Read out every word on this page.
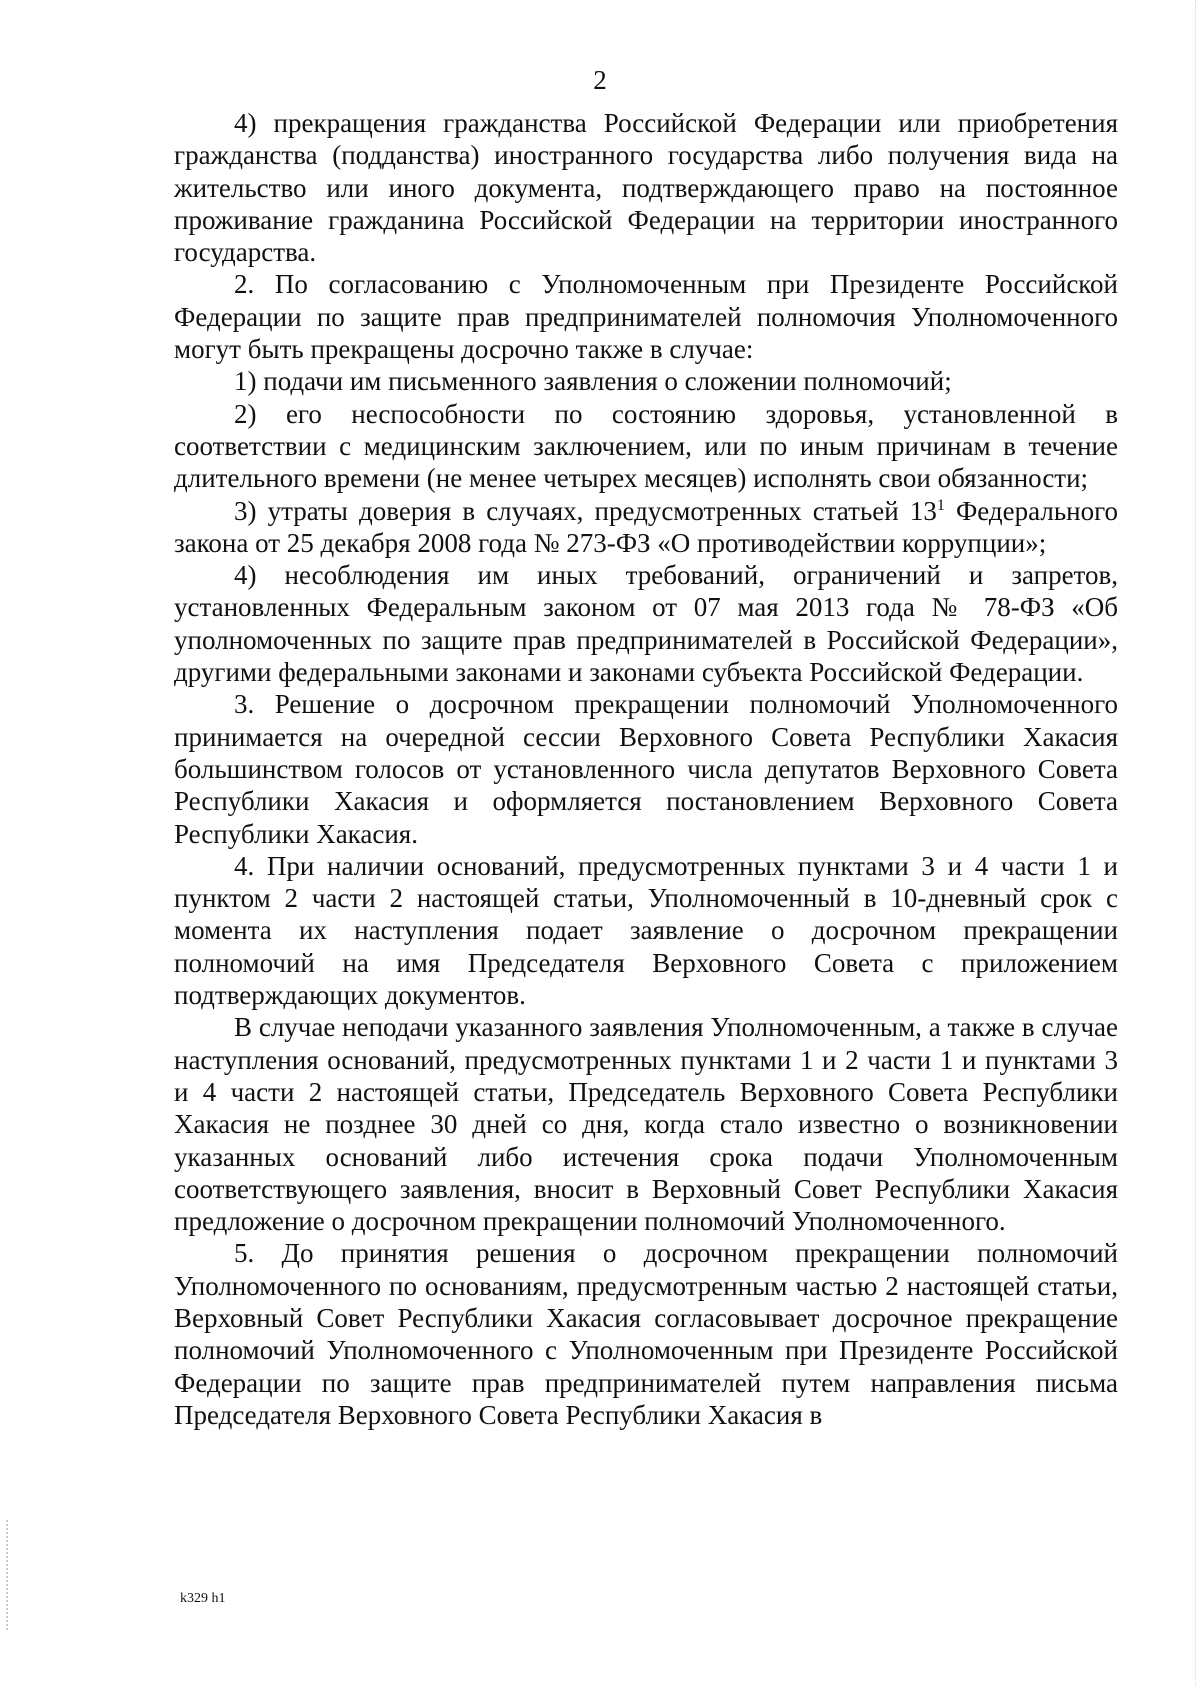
2

4) прекращения гражданства Российской Федерации или приобретения гражданства (подданства) иностранного государства либо получения вида на жительство или иного документа, подтверждающего право на постоянное проживание гражданина Российской Федерации на территории иностранного государства.

2. По согласованию с Уполномоченным при Президенте Российской Федерации по защите прав предпринимателей полномочия Уполномоченного могут быть прекращены досрочно также в случае:

1) подачи им письменного заявления о сложении полномочий;

2) его неспособности по состоянию здоровья, установленной в соответствии с медицинским заключением, или по иным причинам в течение длительного времени (не менее четырех месяцев) исполнять свои обязанности;

3) утраты доверия в случаях, предусмотренных статьей $13^1$ Федерального закона от 25 декабря 2008 года № 273-ФЗ «О противодействии коррупции»;

4) несоблюдения им иных требований, ограничений и запретов, установленных Федеральным законом от 07 мая 2013 года № 78-ФЗ «Об уполномоченных по защите прав предпринимателей в Российской Федерации», другими федеральными законами и законами субъекта Российской Федерации.

3. Решение о досрочном прекращении полномочий Уполномоченного принимается на очередной сессии Верховного Совета Республики Хакасия большинством голосов от установленного числа депутатов Верховного Совета Республики Хакасия и оформляется постановлением Верховного Совета Республики Хакасия.

4. При наличии оснований, предусмотренных пунктами 3 и 4 части 1 и пунктом 2 части 2 настоящей статьи, Уполномоченный в 10-дневный срок с момента их наступления подает заявление о досрочном прекращении полномочий на имя Председателя Верховного Совета с приложением подтверждающих документов.

В случае неподачи указанного заявления Уполномоченным, а также в случае наступления оснований, предусмотренных пунктами 1 и 2 части 1 и пунктами 3 и 4 части 2 настоящей статьи, Председатель Верховного Совета Республики Хакасия не позднее 30 дней со дня, когда стало известно о возникновении указанных оснований либо истечения срока подачи Уполномоченным соответствующего заявления, вносит в Верховный Совет Республики Хакасия предложение о досрочном прекращении полномочий Уполномоченного.

5. До принятия решения о досрочном прекращении полномочий Уполномоченного по основаниям, предусмотренным частью 2 настоящей статьи, Верховный Совет Республики Хакасия согласовывает досрочное прекращение полномочий Уполномоченного с Уполномоченным при Президенте Российской Федерации по защите прав предпринимателей путем направления письма Председателя Верховного Совета Республики Хакасия в

k329 h1
